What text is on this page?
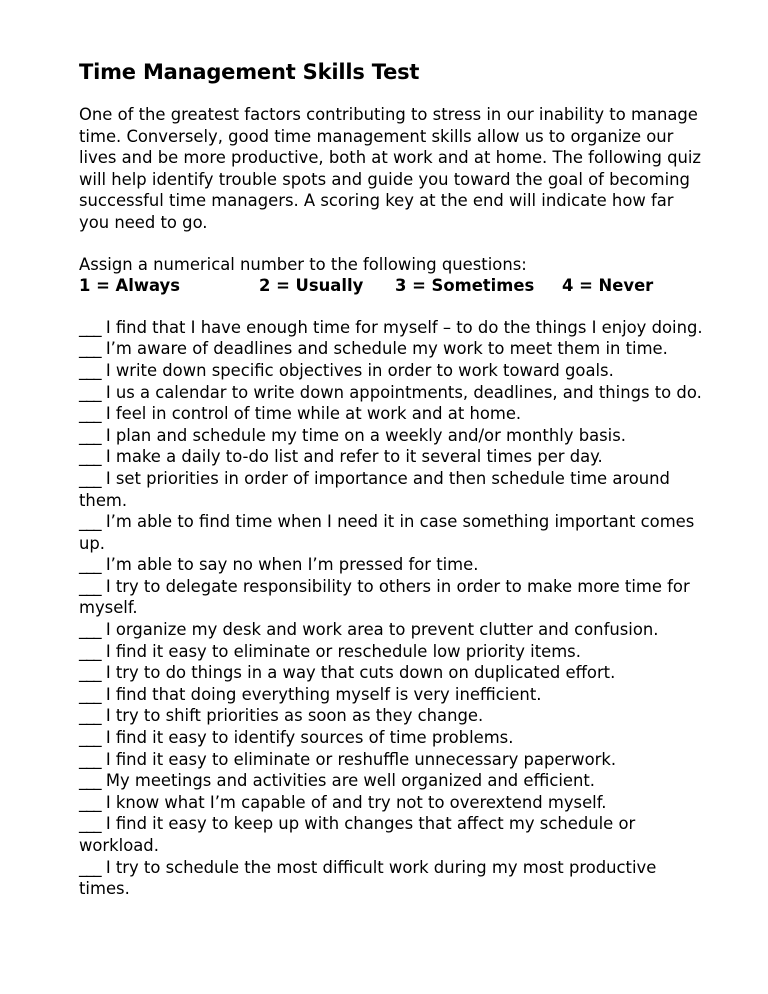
Time Management Skills Test

One of the greatest factors contributing to stress in our inability to manage time. Conversely, good time management skills allow us to organize our lives and be more productive, both at work and at home. The following quiz will help identify trouble spots and guide you toward the goal of becoming successful time managers. A scoring key at the end will indicate how far you need to go.

Assign a numerical number to the following questions:

1 = Always	2 = Usually	3 = Sometimes	4 = Never
___ I find that I have enough time for myself – to do the things I enjoy doing.
___ I’m aware of deadlines and schedule my work to meet them in time.
___ I write down specific objectives in order to work toward goals.
___ I us a calendar to write down appointments, deadlines, and things to do.
___ I feel in control of time while at work and at home.
___ I plan and schedule my time on a weekly and/or monthly basis.
___ I make a daily to-do list and refer to it several times per day.
___ I set priorities in order of importance and then schedule time around them.
___ I’m able to find time when I need it in case something important comes up.
___ I’m able to say no when I’m pressed for time.
___ I try to delegate responsibility to others in order to make more time for myself.
___ I organize my desk and work area to prevent clutter and confusion.
___ I find it easy to eliminate or reschedule low priority items.
___ I try to do things in a way that cuts down on duplicated effort.
___ I find that doing everything myself is very inefficient.
___ I try to shift priorities as soon as they change.
___ I find it easy to identify sources of time problems.
___ I find it easy to eliminate or reshuffle unnecessary paperwork.
___ My meetings and activities are well organized and efficient.
___ I know what I’m capable of and try not to overextend myself.
___ I find it easy to keep up with changes that affect my schedule or workload.
___ I try to schedule the most difficult work during my most productive times.
